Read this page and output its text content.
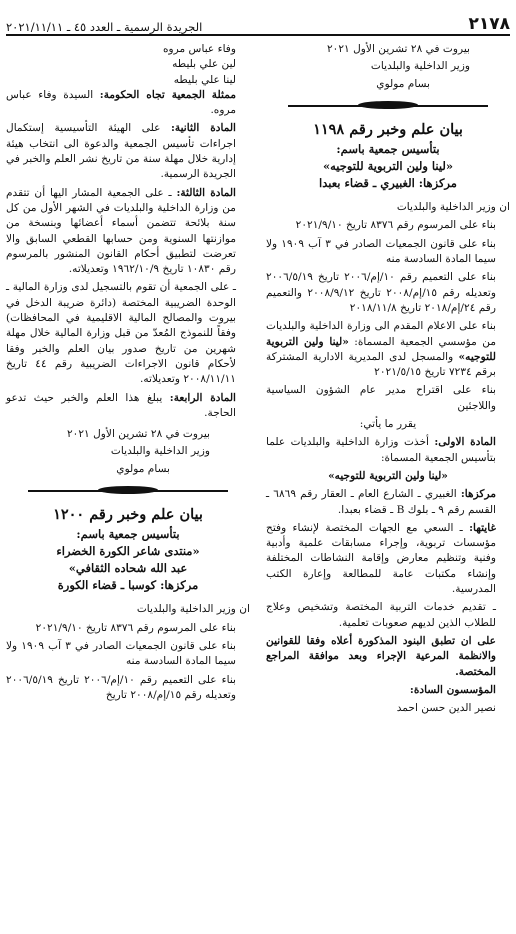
٢١٧٨
الجريدة الرسمية ـ العدد ٤٥ ـ ٢٠٢١/١١/١١

بيروت في ٢٨ تشرين الأول ٢٠٢١

وزير الداخلية والبلديات

بسام مولوي

بيان علم وخبر رقم ١١٩٨
بتأسيس جمعية باسم:
«لينا ولين التربوية للتوجيه»
مركزها: الغبيري ـ قضاء بعبدا

ان وزير الداخلية والبلديات

بناء على المرسوم رقم ٨٣٧٦ تاريخ ٢٠٢١/٩/١٠

بناء على قانون الجمعيات الصادر في ٣ آب ١٩٠٩ ولا سيما المادة السادسة منه

بناء على التعميم رقم ١٠/إم/٢٠٠٦ تاريخ ٢٠٠٦/٥/١٩ وتعديله رقم ١٥/إم/٢٠٠٨ تاريخ ٢٠٠٨/٩/١٢ والتعميم رقم ٢٤/إم/٢٠١٨ تاريخ ٢٠١٨/١١/٨

بناء على الاعلام المقدم الى وزارة الداخلية والبلديات من مؤسسي الجمعية المسماة: «لينا ولين التربوية للتوجيه» والمسجل لدى المديرية الادارية المشتركة برقم ٧٢٣٤ تاريخ ٢٠٢١/٥/١٥

بناء على اقتراح مدير عام الشؤون السياسية واللاجئين

يقرر ما يأتي:

المادة الاولى: أخذت وزارة الداخلية والبلديات علما بتأسيس الجمعية المسماة:

«لينا ولين التربوية للتوجيه»

مركزها: الغبيري ـ الشارع العام ـ العقار رقم ٦٨٦٩ ـ القسم رقم ٩ ـ بلوك B ـ قضاء بعبدا.

غايتها: ـ السعي مع الجهات المختصة لإنشاء وفتح مؤسسات تربوية، وإجراء مسابقات علمية وأدبية وفنية وتنظيم معارض وإقامة النشاطات المختلفة وإنشاء مكتبات عامة للمطالعة وإعارة الكتب المدرسية.

ـ تقديم خدمات التربية المختصة وتشخيص وعلاج للطلاب الذين لديهم صعوبات تعلمية.

على ان تطبق البنود المذكورة أعلاه وفقا للقوانين والانظمة المرعية الإجراء وبعد موافقة المراجع المختصة.

المؤسسون السادة:

نصير الدين حسن احمد

وفاء عباس مروه
لين علي بليطه
لينا علي بليطه

ممثلة الجمعية تجاه الحكومة: السيدة وفاء عباس مروه.

المادة الثانية: على الهيئة التأسيسية إستكمال اجراءات تأسيس الجمعية والدعوة الى انتخاب هيئة إدارية خلال مهلة سنة من تاريخ نشر العلم والخبر في الجريدة الرسمية.

المادة الثالثة: ـ على الجمعية المشار اليها أن تتقدم من وزارة الداخلية والبلديات في الشهر الأول من كل سنة بلائحة تتضمن أسماء أعضائها وبنسخة من موازنتها السنوية ومن حسابها القطعي السابق والا تعرضت لتطبيق أحكام القانون المنشور بالمرسوم رقم ١٠٨٣٠ تاريخ ١٩٦٢/١٠/٩ وتعديلاته.

ـ على الجمعية أن تقوم بالتسجيل لدى وزارة المالية ـ الوحدة الضريبية المختصة (دائرة ضريبة الدخل في بيروت والمصالح المالية الاقليمية في المحافظات) وفقاً للنموذج المُعدّ من قبل وزارة المالية خلال مهلة شهرين من تاريخ صدور بيان العلم والخبر وفقا لأحكام قانون الاجراءات الضريبية رقم ٤٤ تاريخ ٢٠٠٨/١١/١١ وتعديلاته.

المادة الرابعة: يبلغ هذا العلم والخبر حيث تدعو الحاجة.

بيروت في ٢٨ تشرين الأول ٢٠٢١

وزير الداخلية والبلديات

بسام مولوي

بيان علم وخبر رقم ١٢٠٠
بتأسيس جمعية باسم:
«منتدى شاعر الكورة الخضراء
عبد الله شحاده الثقافي»
مركزها: كوسبا ـ قضاء الكورة

ان وزير الداخلية والبلديات

بناء على المرسوم رقم ٨٣٧٦ تاريخ ٢٠٢١/٩/١٠

بناء على قانون الجمعيات الصادر في ٣ آب ١٩٠٩ ولا سيما المادة السادسة منه

بناء على التعميم رقم ١٠/إم/٢٠٠٦ تاريخ ٢٠٠٦/٥/١٩ وتعديله رقم ١٥/إم/٢٠٠٨ تاريخ
